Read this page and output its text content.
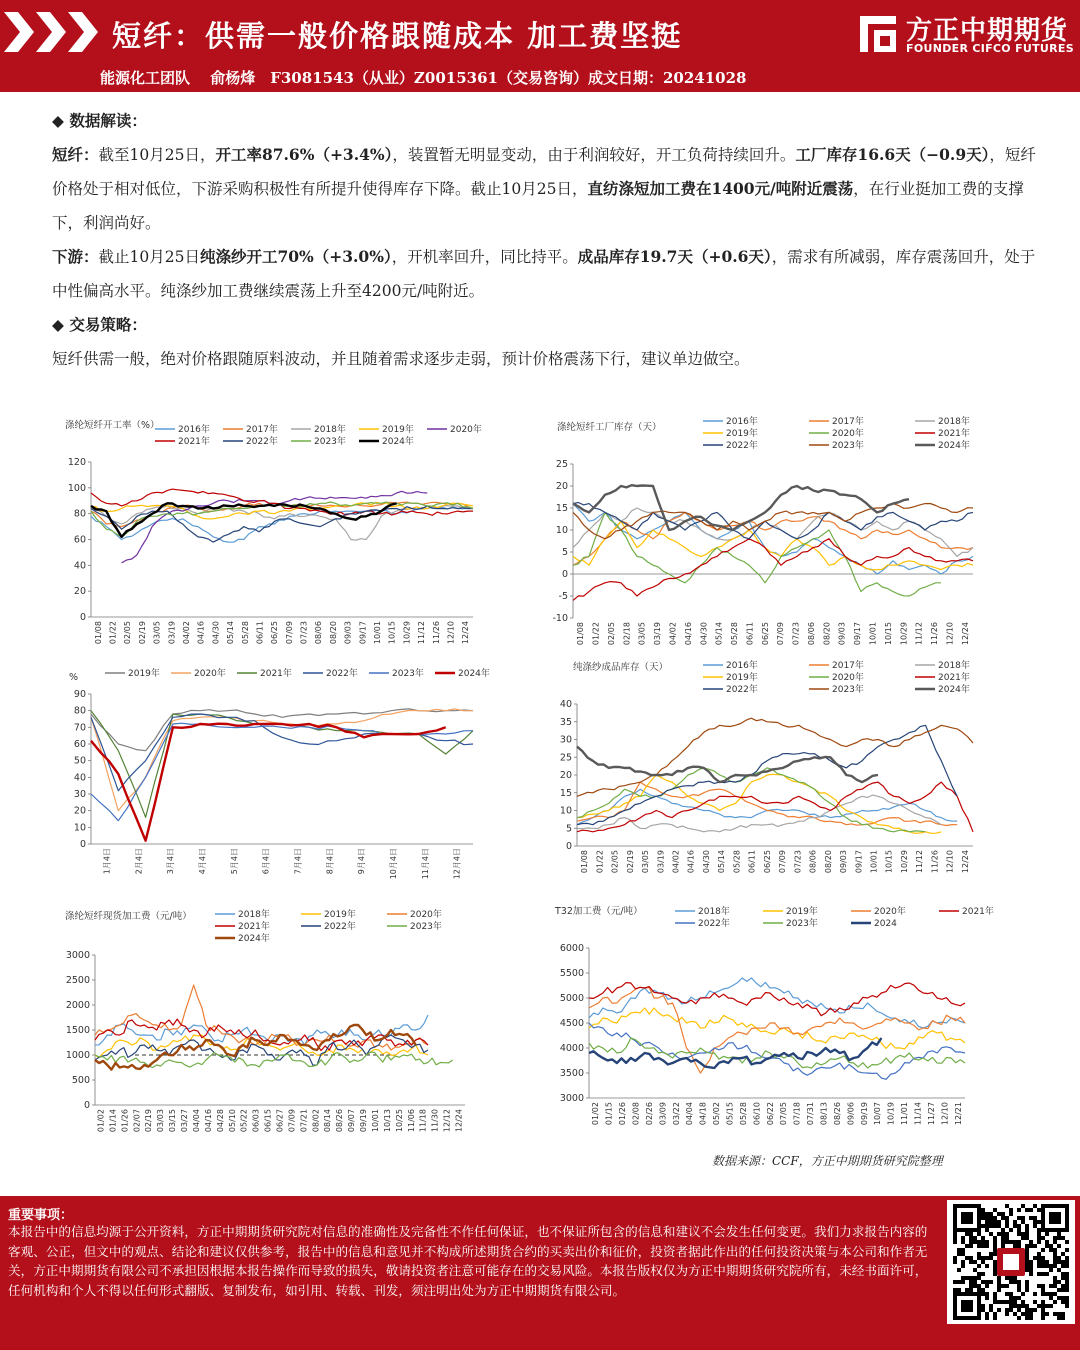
短纤：供需一般价格跟随成本 加工费坚挺
能源化工团队　 俞杨烽　F3081543（从业）Z0015361（交易咨询）成文日期：20241028
方正中期期货
FOUNDER CIFCO FUTURES

◆ 数据解读：

短纤：截至10月25日，开工率87.6%（+3.4%），装置暂无明显变动，由于利润较好，开工负荷持续回升。工厂库存16.6天（−0.9天），短纤价格处于相对低位，下游采购积极性有所提升使得库存下降。截止10月25日，直纺涤短加工费在1400元/吨附近震荡，在行业挺加工费的支撑下，利润尚好。

下游：截止10月25日纯涤纱开工70%（+3.0%），开机率回升，同比持平。成品库存19.7天（+0.6天），需求有所减弱，库存震荡回升，处于中性偏高水平。纯涤纱加工费继续震荡上升至4200元/吨附近。

◆ 交易策略：

短纤供需一般，绝对价格跟随原料波动，并且随着需求逐步走弱，预计价格震荡下行，建议单边做空。

涤纶短纤开工率（%） 2016年	2017年	2018年	2019年	2020年
2021年	2022年	2023年	2024年
0
20
40
60
80
100
120
01/08 01/22 02/05 02/19 03/05 03/19 04/02 04/16 04/30 05/14 05/28 06/11 06/25 07/09 07/23 08/06 08/20 09/03 09/17 10/01 10/15 10/29 11/12 11/26 12/10 12/24
涤纶短纤工厂库存（天）	2016年	2017年	2018年
2019年	2020年	2021年
2022年	2023年	2024年
-10
-5
0
5
10
15
20
25
01/08 01/22 02/05 02/18 03/05 03/19 04/02 04/16 04/30 05/14 05/28 06/11 06/25 07/09 07/23 08/06 08/20 09/03 09/17 10/01 10/15 10/29 11/12 11/26 12/10 12/24
%	2019年	2020年	2021年	2022年	2023年	2024年
0
10
20
30
40
50
60
70
80
90
1月4日	2月4日	3月4日	4月4日	5月4日	6月4日	7月4日	8月4日	9月4日	10月4日	11月4日	12月4日
纯涤纱成品库存（天）	2016年	2017年	2018年
2019年	2020年	2021年
2022年	2023年	2024年
0
5
10
15
20
25
30
35
40
01/08 01/22 02/05 02/19 03/05 03/19 04/02 04/16 04/30 05/14 05/28 06/11 06/25 07/09 07/23 08/06 08/20 09/03 09/17 10/01 10/15 10/29 11/12 11/26 12/10 12/24
涤纶短纤现货加工费（元/吨）	2018年	2019年	2020年
2021年	2022年	2023年
2024年
0
500
1000
1500
2000
2500
3000
01/02 01/14 01/26 02/07 02/19 03/03 03/15 03/27 04/04 04/16 04/28 05/10 05/22 06/03 06/15 06/27 07/09 07/21 08/02 08/14 08/26 09/07 09/19 10/01 10/13 10/25 11/06 11/18 11/30 12/12 12/24
T32加工费（元/吨）	2018年	2019年	2020年	2021年
2022年	2023年	2024
3000
3500
4000
4500
5000
5500
6000
01/02 01/15 01/26 02/08 02/26 03/09 03/22 04/04 04/18 05/02 05/15 05/28 06/10 06/22 07/05 07/18 07/31 08/13 08/26 09/06 09/19 10/07 10/19 11/01 11/14 11/27 12/10 12/21
数据来源：CCF，方正中期期货研究院整理
重要事项：
本报告中的信息均源于公开资料，方正中期期货研究院对信息的准确性及完备性不作任何保证，也不保证所包含的信息和建议不会发生任何变更。我们力求报告内容的客观、公正，但文中的观点、结论和建议仅供参考，报告中的信息和意见并不构成所述期货合约的买卖出价和征价，投资者据此作出的任何投资决策与本公司和作者无关，方正中期期货有限公司不承担因根据本报告操作而导致的损失，敬请投资者注意可能存在的交易风险。本报告版权仅为方正中期期货研究院所有，未经书面许可，任何机构和个人不得以任何形式翻版、复制发布，如引用、转载、刊发，须注明出处为方正中期期货有限公司。
